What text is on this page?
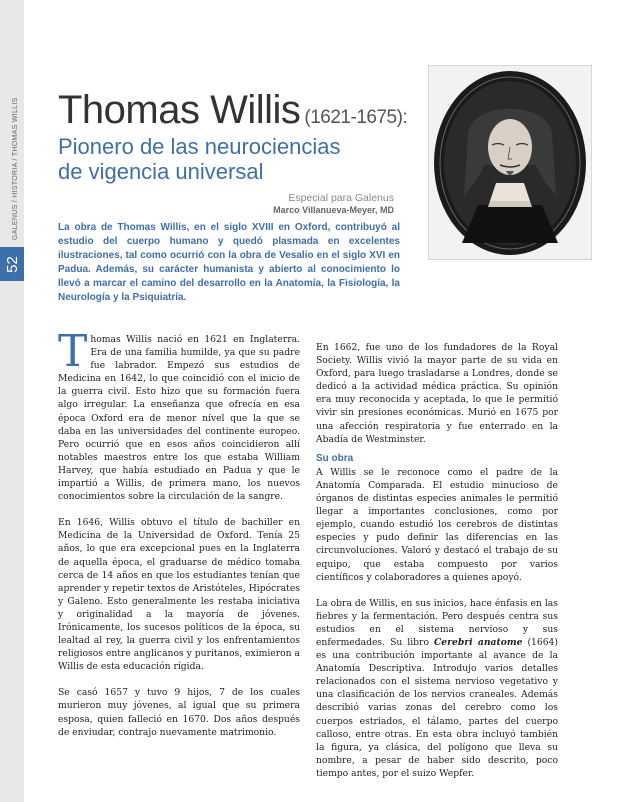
GALENUS / HISTORIA / THOMAS WILLIS
52
Thomas Willis (1621-1675):
Pionero de las neurociencias
de vigencia universal
Especial para Galenus
Marco Villanueva-Meyer, MD
La obra de Thomas Willis, en el siglo XVIII en Oxford, contribuyó al estudio del cuerpo humano y quedó plasmada en excelentes ilustraciones, tal como ocurrió con la obra de Vesalio en el siglo XVI en Padua. Además, su carácter humanista y abierto al conocimiento lo llevó a marcar el camino del desarrollo en la Anatomía, la Fisiología, la Neurología y la Psiquiatría.

Thomas Willis nació en 1621 en Inglaterra. Era de una familia humilde, ya que su padre fue labrador. Empezó sus estudios de Medicina en 1642, lo que coincidió con el inicio de la guerra civil. Esto hizo que su formación fuera algo irregular. La enseñanza que ofrecía en esa época Oxford era de menor nivel que la que se daba en las universidades del continente europeo. Pero ocurrió que en esos años coincidieron allí notables maestros entre los que estaba William Harvey, que había estudiado en Padua y que le impartió a Willis, de primera mano, los nuevos conocimientos sobre la circulación de la sangre.

En 1646, Willis obtuvo el título de bachiller en Medicina de la Universidad de Oxford. Tenía 25 años, lo que era excepcional pues en la Inglaterra de aquella época, el graduarse de médico tomaba cerca de 14 años en que los estudiantes tenían que aprender y repetir textos de Aristóteles, Hipócrates y Galeno. Esto generalmente les restaba iniciativa y originalidad a la mayoría de jóvenes. Irónicamente, los sucesos políticos de la época, su lealtad al rey, la guerra civil y los enfrentamientos religiosos entre anglicanos y puritanos, eximieron a Willis de esta educación rígida.

Se casó 1657 y tuvo 9 hijos, 7 de los cuales murieron muy jóvenes, al igual que su primera esposa, quien falleció en 1670. Dos años después de enviudar, contrajo nuevamente matrimonio.

En 1662, fue uno de los fundadores de la Royal Society. Willis vivió la mayor parte de su vida en Oxford, para luego trasladarse a Londres, donde se dedicó a la actividad médica práctica. Su opinión era muy reconocida y aceptada, lo que le permitió vivir sin presiones económicas. Murió en 1675 por una afección respiratoria y fue enterrado en la Abadía de Westminster.

Su obra

A Willis se le reconoce como el padre de la Anatomía Comparada. El estudio minucioso de órganos de distintas especies animales le permitió llegar a importantes conclusiones, como por ejemplo, cuando estudió los cerebros de distintas especies y pudo definir las diferencias en las circunvoluciones. Valoró y destacó el trabajo de su equipo, que estaba compuesto por varios científicos y colaboradores a quienes apoyó.

La obra de Willis, en sus inicios, hace énfasis en las fiebres y la fermentación. Pero después centra sus estudios en el sistema nervioso y sus enfermedades. Su libro Cerebri anatome (1664) es una contribución importante al avance de la Anatomía Descriptiva. Introdujo varios detalles relacionados con el sistema nervioso vegetativo y una clasificación de los nervios craneales. Además describió varias zonas del cerebro como los cuerpos estriados, el tálamo, partes del cuerpo calloso, entre otras. En esta obra incluyó también la figura, ya clásica, del polígono que lleva su nombre, a pesar de haber sido descrito, poco tiempo antes, por el suizo Wepfer.
